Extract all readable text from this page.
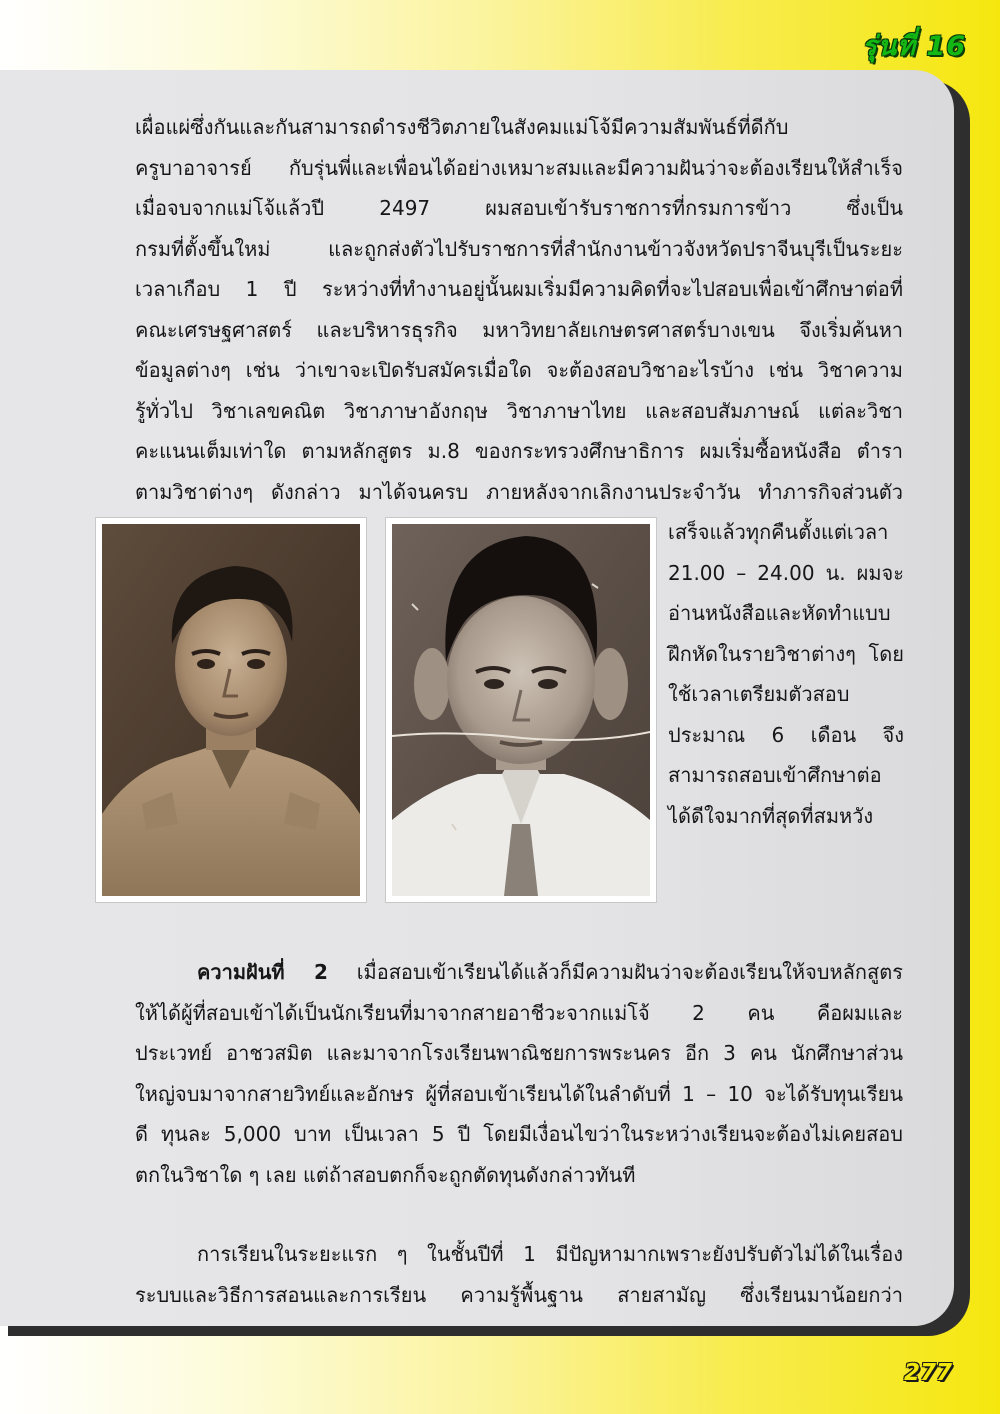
รุ่นที่ 16
เผื่อแผ่ซึ่งกันและกันสามารถดำรงชีวิตภายในสังคมแม่โจ้มีความสัมพันธ์ที่ดีกับ
ครูบาอาจารย์ กับรุ่นพี่และเพื่อนได้อย่างเหมาะสมและมีความฝันว่าจะต้องเรียนให้สำเร็จ
เมื่อจบจากแม่โจ้แล้วปี 2497 ผมสอบเข้ารับราชการที่กรมการข้าว ซึ่งเป็น
กรมที่ตั้งขึ้นใหม่ และถูกส่งตัวไปรับราชการที่สำนักงานข้าวจังหวัดปราจีนบุรีเป็นระยะ
เวลาเกือบ 1 ปี ระหว่างที่ทำงานอยู่นั้นผมเริ่มมีความคิดที่จะไปสอบเพื่อเข้าศึกษาต่อที่
คณะเศรษฐศาสตร์ และบริหารธุรกิจ มหาวิทยาลัยเกษตรศาสตร์บางเขน จึงเริ่มค้นหา
ข้อมูลต่างๆ เช่น ว่าเขาจะเปิดรับสมัครเมื่อใด จะต้องสอบวิชาอะไรบ้าง เช่น วิชาความ
รู้ทั่วไป วิชาเลขคณิต วิชาภาษาอังกฤษ วิชาภาษาไทย และสอบสัมภาษณ์ แต่ละวิชา
คะแนนเต็มเท่าใด ตามหลักสูตร ม.8 ของกระทรวงศึกษาธิการ ผมเริ่มซื้อหนังสือ ตำรา
ตามวิชาต่างๆ ดังกล่าว มาได้จนครบ ภายหลังจากเลิกงานประจำวัน ทำภารกิจส่วนตัว
เสร็จแล้วทุกคืนตั้งแต่เวลา
21.00 – 24.00 น. ผมจะ
อ่านหนังสือและหัดทำแบบ
ฝึกหัดในรายวิชาต่างๆ โดย
ใช้เวลาเตรียมตัวสอบ
ประมาณ 6 เดือน จึง
สามารถสอบเข้าศึกษาต่อ
ได้ดีใจมากที่สุดที่สมหวัง
ความฝันที่ 2 เมื่อสอบเข้าเรียนได้แล้วก็มีความฝันว่าจะต้องเรียนให้จบหลักสูตร
ให้ได้ผู้ที่สอบเข้าได้เป็นนักเรียนที่มาจากสายอาชีวะจากแม่โจ้ 2 คน คือผมและ
ประเวทย์ อาชวสมิต และมาจากโรงเรียนพาณิชยการพระนคร อีก 3 คน นักศึกษาส่วน
ใหญ่จบมาจากสายวิทย์และอักษร ผู้ที่สอบเข้าเรียนได้ในลำดับที่ 1 – 10 จะได้รับทุนเรียน
ดี ทุนละ 5,000 บาท เป็นเวลา 5 ปี โดยมีเงื่อนไขว่าในระหว่างเรียนจะต้องไม่เคยสอบ
ตกในวิชาใด ๆ เลย แต่ถ้าสอบตกก็จะถูกตัดทุนดังกล่าวทันที
การเรียนในระยะแรก ๆ ในชั้นปีที่ 1 มีปัญหามากเพราะยังปรับตัวไม่ได้ในเรื่อง
ระบบและวิธีการสอนและการเรียน ความรู้พื้นฐาน สายสามัญ ซึ่งเรียนมาน้อยกว่า
277
